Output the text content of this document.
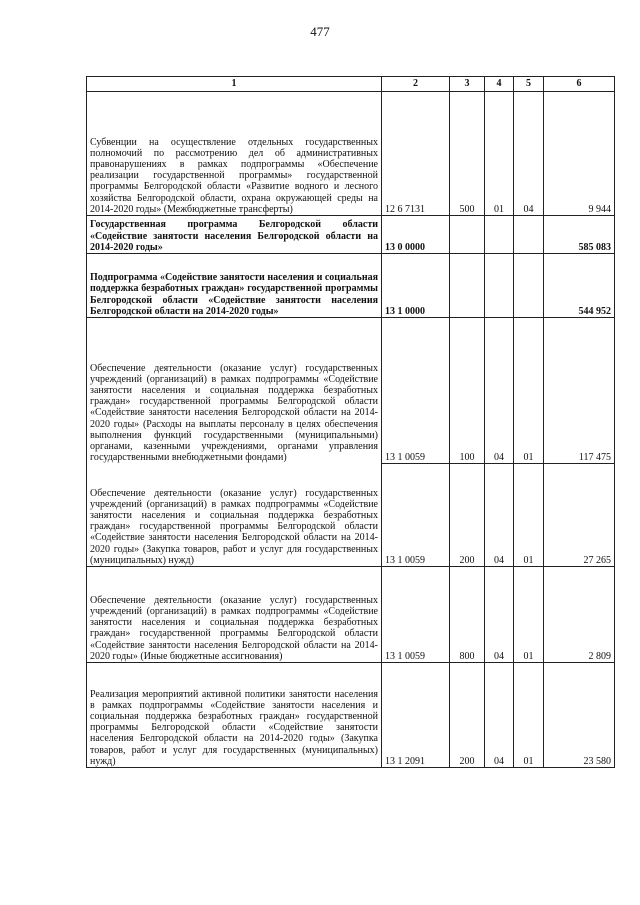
477
1	2	3	4	5	6
Субвенции на осуществление отдельных государственных полномочий по рассмотрению дел об административных правонарушениях в рамках подпрограммы «Обеспечение реализации государственной программы» государственной программы Белгородской области «Развитие водного и лесного хозяйства Белгородской области, охрана окружающей среды на 2014-2020 годы» (Межбюджетные трансферты)	12 6 7131	500	01	04	9 944
Государственная программа Белгородской области «Содействие занятости населения Белгородской области на 2014-2020 годы»	13 0 0000				585 083
Подпрограмма «Содействие занятости населения и социальная поддержка безработных граждан» государственной программы Белгородской области «Содействие занятости населения Белгородской области на 2014-2020 годы»	13 1 0000				544 952
Обеспечение деятельности (оказание услуг) государственных учреждений (организаций) в рамках подпрограммы «Содействие занятости населения и социальная поддержка безработных граждан» государственной программы Белгородской области «Содействие занятости населения Белгородской области на 2014-2020 годы» (Расходы на выплаты персоналу в целях обеспечения выполнения функций государственными (муниципальными) органами, казенными учреждениями, органами управления государственными внебюджетными фондами)	13 1 0059	100	04	01	117 475
Обеспечение деятельности (оказание услуг) государственных учреждений (организаций) в рамках подпрограммы «Содействие занятости населения и социальная поддержка безработных граждан» государственной программы Белгородской области «Содействие занятости населения Белгородской области на 2014-2020 годы» (Закупка товаров, работ и услуг для государственных (муниципальных) нужд)	13 1 0059	200	04	01	27 265
Обеспечение деятельности (оказание услуг) государственных учреждений (организаций) в рамках подпрограммы «Содействие занятости населения и социальная поддержка безработных граждан» государственной программы Белгородской области «Содействие занятости населения Белгородской области на 2014-2020 годы» (Иные бюджетные ассигнования)	13 1 0059	800	04	01	2 809
Реализация мероприятий активной политики занятости населения в рамках подпрограммы «Содействие занятости населения и социальная поддержка безработных граждан» государственной программы Белгородской области «Содействие занятости населения Белгородской области на 2014-2020 годы» (Закупка товаров, работ и услуг для государственных (муниципальных) нужд)	13 1 2091	200	04	01	23 580
